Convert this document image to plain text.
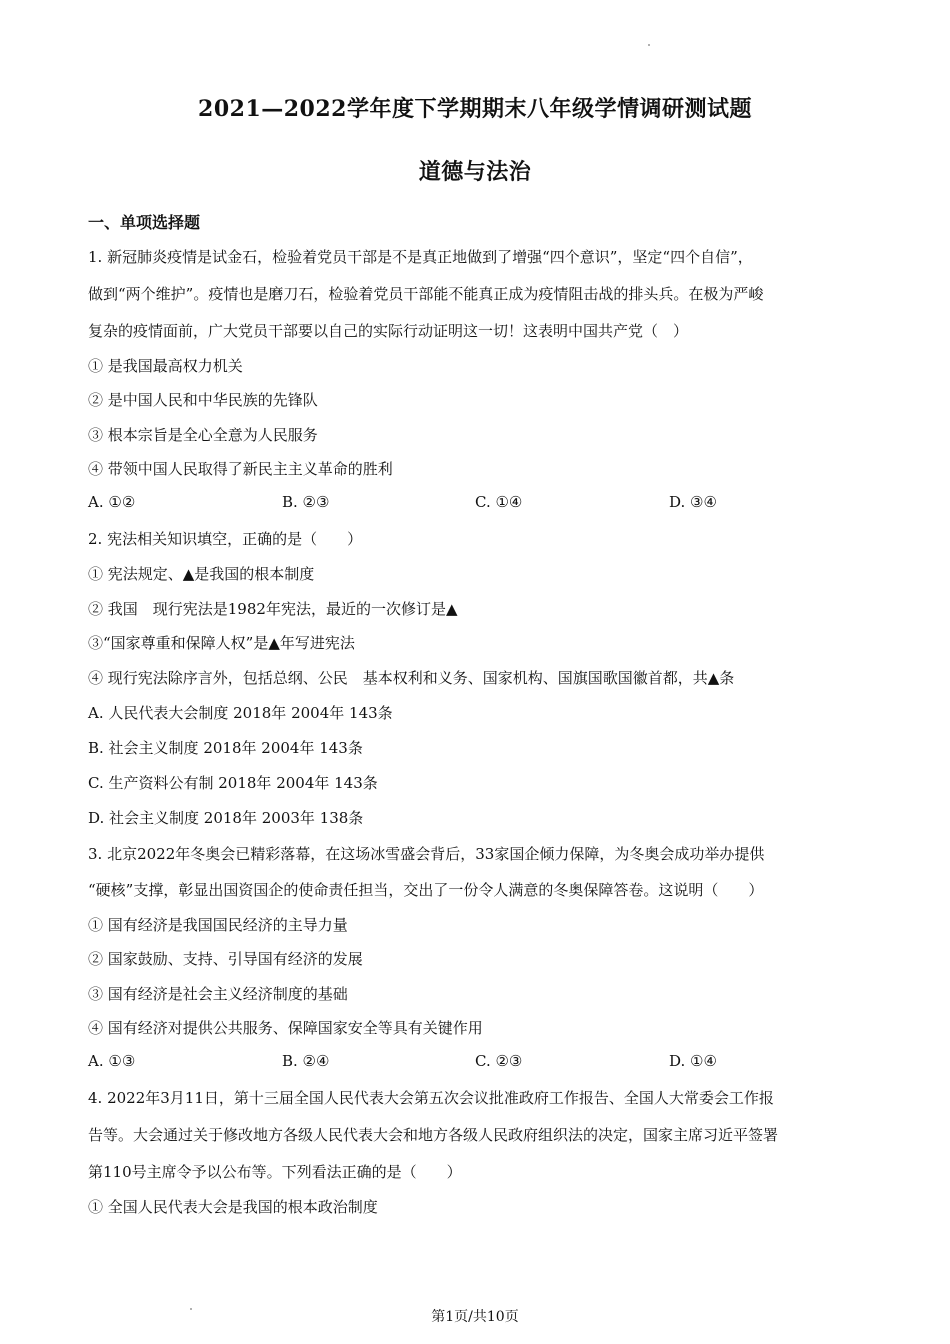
2021—2022学年度下学期期末八年级学情调研测试题
道德与法治
一、单项选择题
1. 新冠肺炎疫情是试金石，检验着党员干部是不是真正地做到了增强“四个意识”，坚定“四个自信”，
做到“两个维护”。疫情也是磨刀石，检验着党员干部能不能真正成为疫情阻击战的排头兵。在极为严峻
复杂的疫情面前，广大党员干部要以自己的实际行动证明这一切！这表明中国共产党（　）
① 是我国最高权力机关
② 是中国人民和中华民族的先锋队
③ 根本宗旨是全心全意为人民服务
④ 带领中国人民取得了新民主主义革命的胜利
A. ①②	B. ②③	C. ①④	D. ③④
2. 宪法相关知识填空，正确的是（　　）
① 宪法规定、▲是我国的根本制度
② 我国　现行宪法是1982年宪法，最近的一次修订是▲
③“国家尊重和保障人权”是▲年写进宪法
④ 现行宪法除序言外，包括总纲、公民　基本权利和义务、国家机构、国旗国歌国徽首都，共▲条
A. 人民代表大会制度 2018年 2004年 143条
B. 社会主义制度 2018年 2004年 143条
C. 生产资料公有制 2018年 2004年 143条
D. 社会主义制度 2018年 2003年 138条
3. 北京2022年冬奥会已精彩落幕，在这场冰雪盛会背后，33家国企倾力保障，为冬奥会成功举办提供
“硬核”支撑，彰显出国资国企的使命责任担当，交出了一份令人满意的冬奥保障答卷。这说明（　　）
① 国有经济是我国国民经济的主导力量
② 国家鼓励、支持、引导国有经济的发展
③ 国有经济是社会主义经济制度的基础
④ 国有经济对提供公共服务、保障国家安全等具有关键作用
A. ①③	B. ②④	C. ②③	D. ①④
4. 2022年3月11日，第十三届全国人民代表大会第五次会议批准政府工作报告、全国人大常委会工作报
告等。大会通过关于修改地方各级人民代表大会和地方各级人民政府组织法的决定，国家主席习近平签署
第110号主席令予以公布等。下列看法正确的是（　　）
① 全国人民代表大会是我国的根本政治制度
第1页/共10页
